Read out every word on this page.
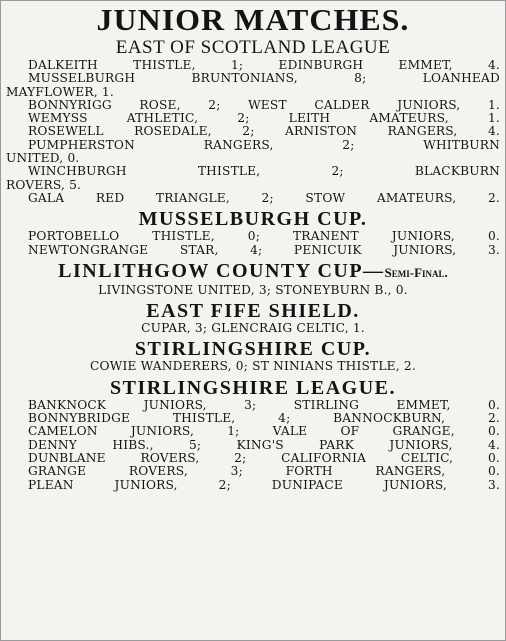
JUNIOR MATCHES.
EAST OF SCOTLAND LEAGUE
DALKEITH THISTLE, 1; EDINBURGH EMMET, 4.
MUSSELBURGH BRUNTONIANS, 8; LOANHEAD
MAYFLOWER, 1.
BONNYRIGG ROSE, 2; WEST CALDER JUNIORS, 1.
WEMYSS ATHLETIC, 2; LEITH AMATEURS, 1.
ROSEWELL ROSEDALE, 2; ARNISTON RANGERS, 4.
PUMPHERSTON RANGERS, 2; WHITBURN
UNITED, 0.
WINCHBURGH THISTLE, 2; BLACKBURN
ROVERS, 5.
GALA RED TRIANGLE, 2; STOW AMATEURS, 2.
MUSSELBURGH CUP.
PORTOBELLO THISTLE, 0; TRANENT JUNIORS, 0.
NEWTONGRANGE STAR, 4; PENICUIK JUNIORS, 3.
LINLITHGOW COUNTY CUP—Semi-Final.
LIVINGSTONE UNITED, 3; STONEYBURN B., 0.
EAST FIFE SHIELD.
CUPAR, 3; GLENCRAIG CELTIC, 1.
STIRLINGSHIRE CUP.
COWIE WANDERERS, 0; ST NINIANS THISTLE, 2.
STIRLINGSHIRE LEAGUE.
BANKNOCK JUNIORS, 3; STIRLING EMMET, 0.
BONNYBRIDGE THISTLE, 4; BANNOCKBURN, 2.
CAMELON JUNIORS, 1; VALE OF GRANGE, 0.
DENNY HIBS., 5; KING'S PARK JUNIORS, 4.
DUNBLANE ROVERS, 2; CALIFORNIA CELTIC, 0.
GRANGE ROVERS, 3; FORTH RANGERS, 0.
PLEAN JUNIORS, 2; DUNIPACE JUNIORS, 3.
